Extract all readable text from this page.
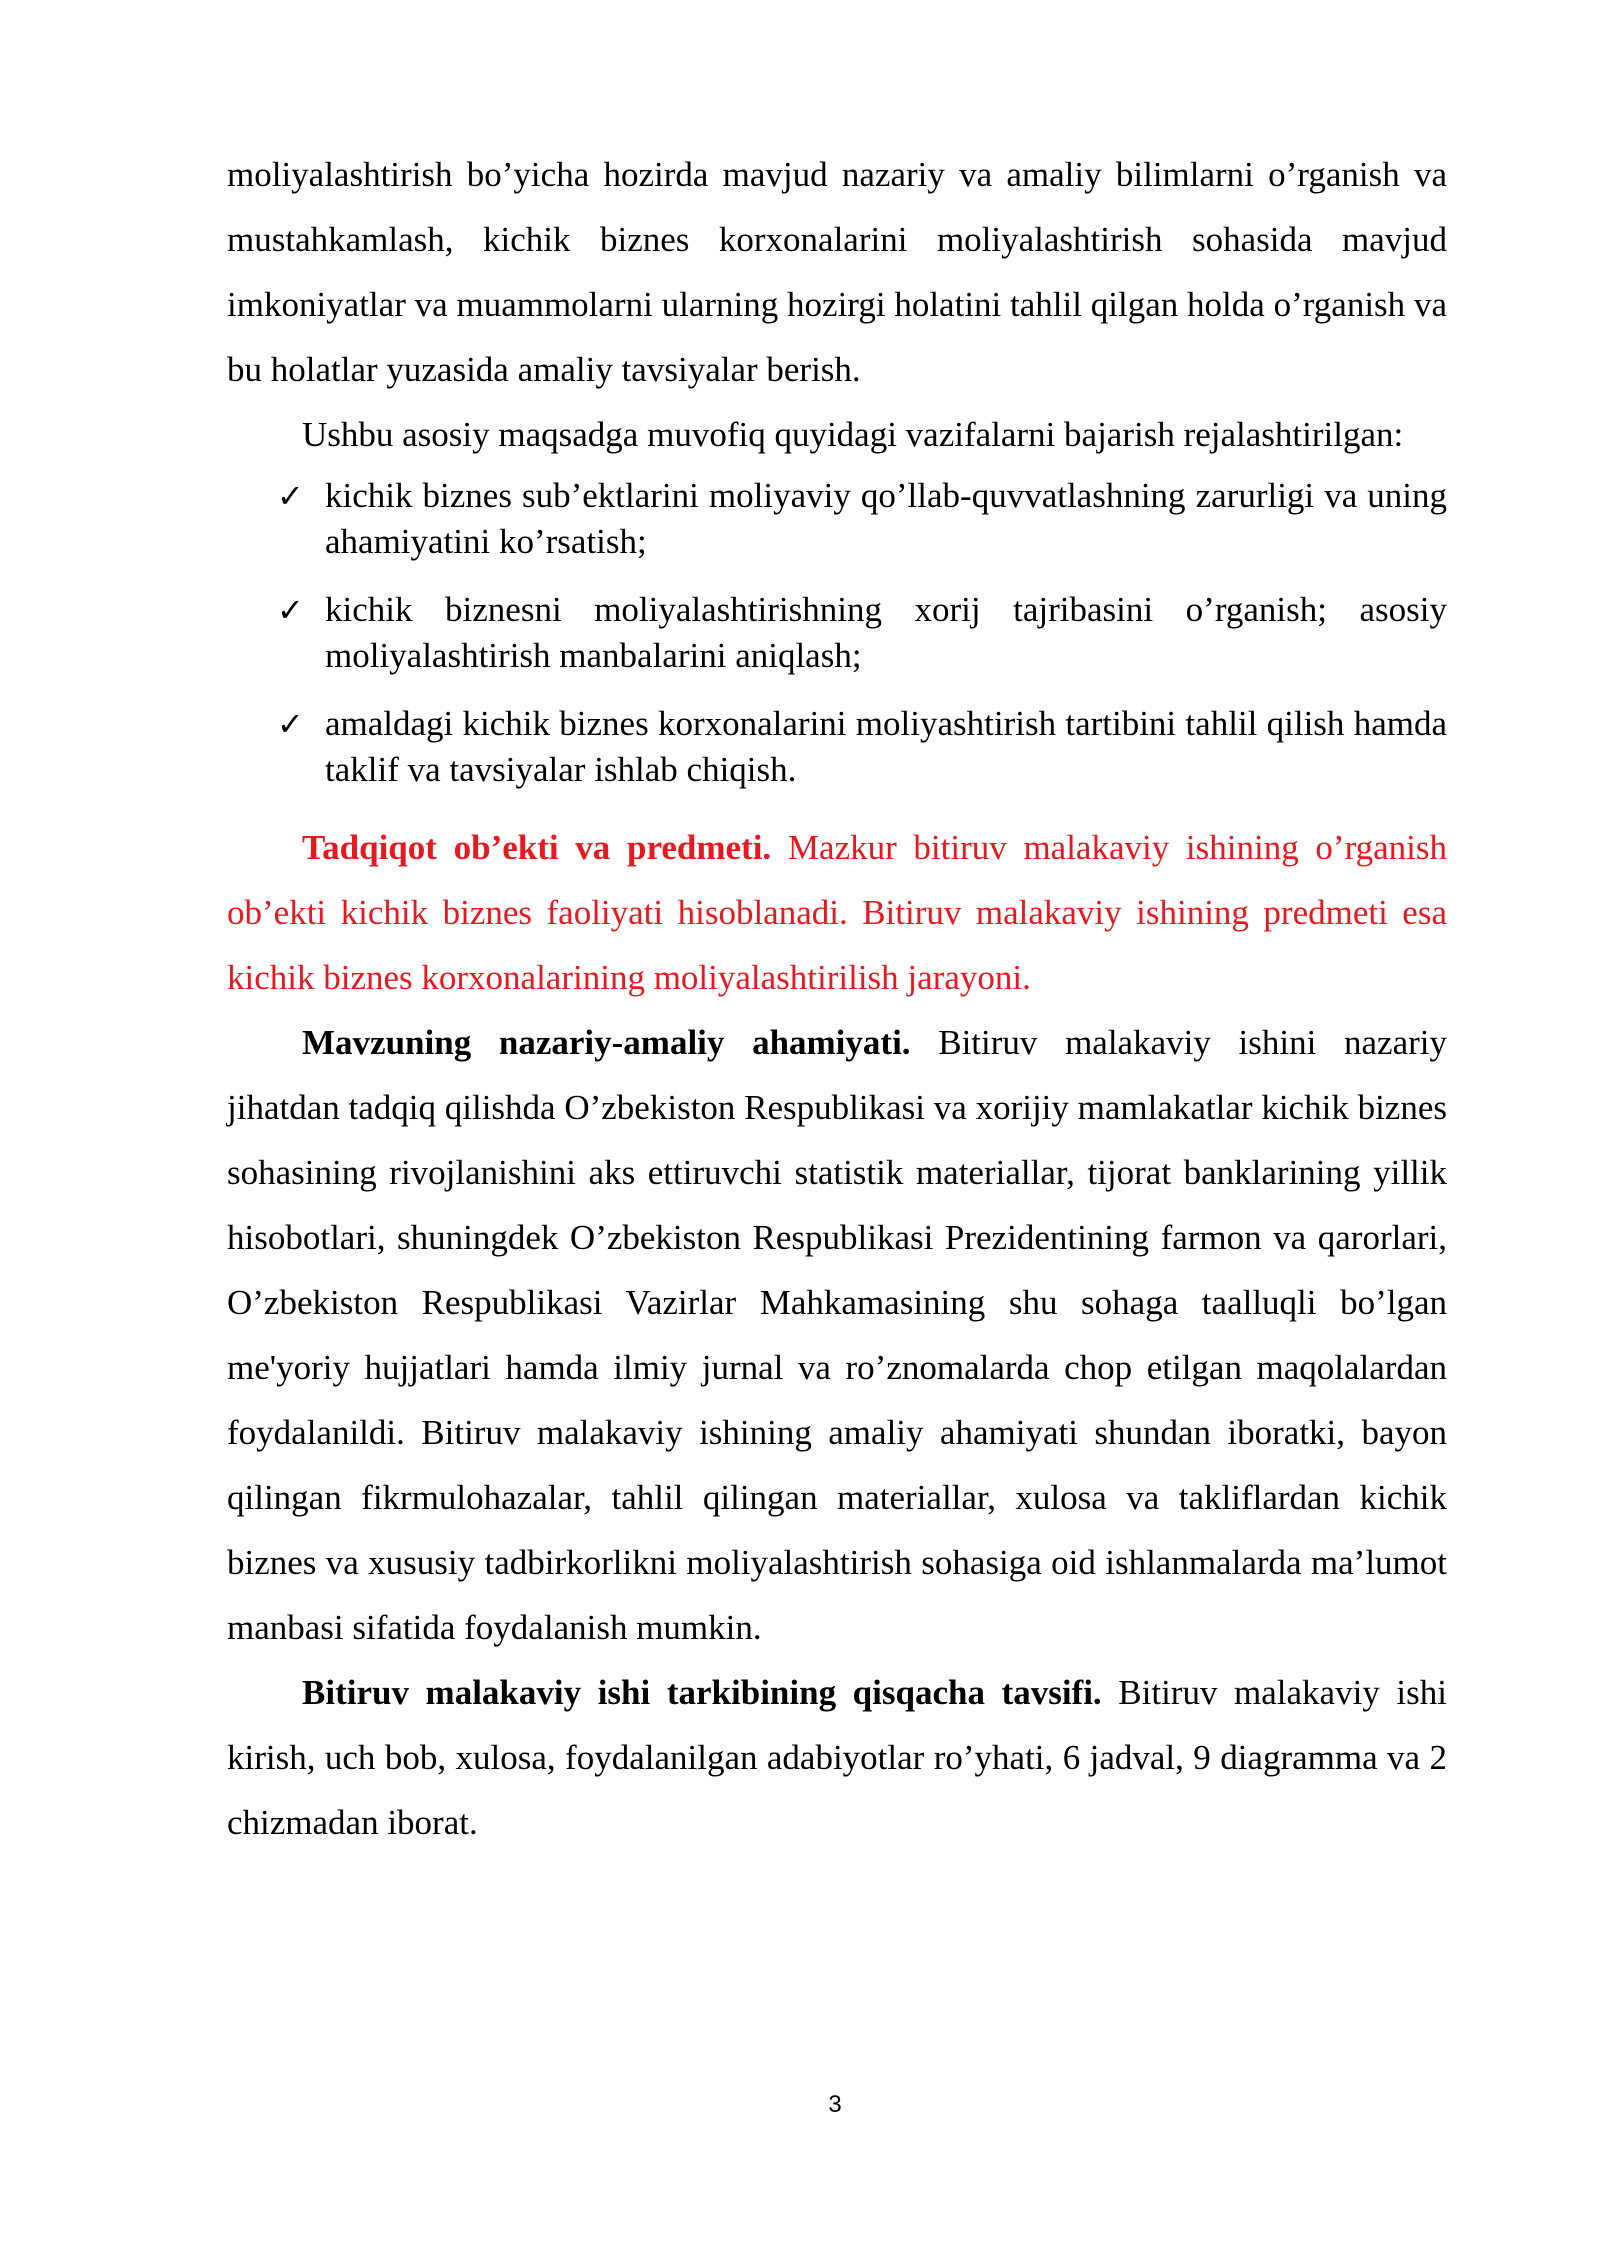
moliyalashtirish bo’yicha hozirda mavjud nazariy va amaliy bilimlarni o’rganish va mustahkamlash, kichik biznes korxonalarini moliyalashtirish sohasida mavjud imkoniyatlar va muammolarni ularning hozirgi holatini tahlil qilgan holda o’rganish va bu holatlar yuzasida amaliy tavsiyalar berish.

Ushbu asosiy maqsadga muvofiq quyidagi vazifalarni bajarish rejalashtirilgan:

✓ kichik biznes sub’ektlarini moliyaviy qo’llab-quvvatlashning zarurligi va uning ahamiyatini ko’rsatish;
✓ kichik biznesni moliyalashtirishning xorij tajribasini o’rganish; asosiy moliyalashtirish manbalarini aniqlash;
✓ amaldagi kichik biznes korxonalarini moliyashtirish tartibini tahlil qilish hamda taklif va tavsiyalar ishlab chiqish.

Tadqiqot ob’ekti va predmeti. Mazkur bitiruv malakaviy ishining o’rganish ob’ekti kichik biznes faoliyati hisoblanadi. Bitiruv malakaviy ishining predmeti esa kichik biznes korxonalarining moliyalashtirilish jarayoni.

Mavzuning nazariy-amaliy ahamiyati. Bitiruv malakaviy ishini nazariy jihatdan tadqiq qilishda O’zbekiston Respublikasi va xorijiy mamlakatlar kichik biznes sohasining rivojlanishini aks ettiruvchi statistik materiallar, tijorat banklarining yillik hisobotlari, shuningdek O’zbekiston Respublikasi Prezidentining farmon va qarorlari, O’zbekiston Respublikasi Vazirlar Mahkamasining shu sohaga taalluqli bo’lgan me'yoriy hujjatlari hamda ilmiy jurnal va ro’znomalarda chop etilgan maqolalardan foydalanildi. Bitiruv malakaviy ishining amaliy ahamiyati shundan iboratki, bayon qilingan fikrmulohazalar, tahlil qilingan materiallar, xulosa va takliflardan kichik biznes va xususiy tadbirkorlikni moliyalashtirish sohasiga oid ishlanmalarda ma’lumot manbasi sifatida foydalanish mumkin.

Bitiruv malakaviy ishi tarkibining qisqacha tavsifi. Bitiruv malakaviy ishi kirish, uch bob, xulosa, foydalanilgan adabiyotlar ro’yhati, 6 jadval, 9 diagramma va 2 chizmadan iborat.

3
